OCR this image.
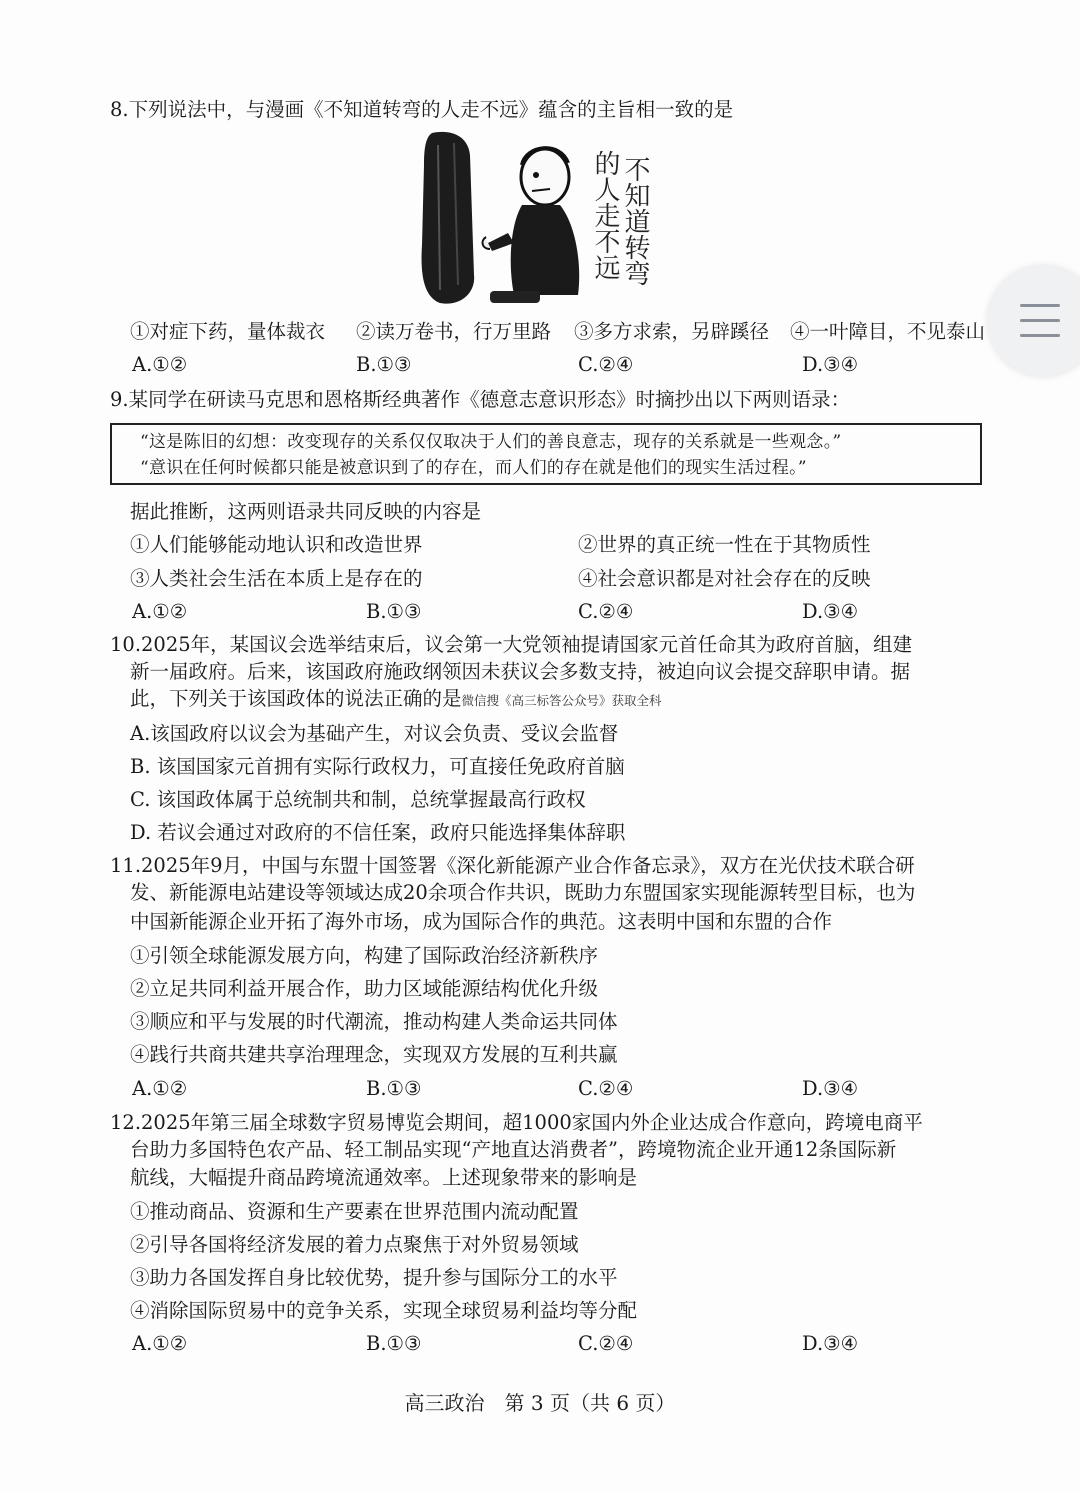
8.下列说法中，与漫画《不知道转弯的人走不远》蕴含的主旨相一致的是
不知道转弯
的人走不远
①对症下药，量体裁衣 ②读万卷书，行万里路 ③多方求索，另辟蹊径 ④一叶障目，不见泰山
A.①②	B.①③	C.②④	D.③④
9.某同学在研读马克思和恩格斯经典著作《德意志意识形态》时摘抄出以下两则语录：
“这是陈旧的幻想：改变现存的关系仅仅取决于人们的善良意志，现存的关系就是一些观念。”
“意识在任何时候都只能是被意识到了的存在，而人们的存在就是他们的现实生活过程。”
据此推断，这两则语录共同反映的内容是
①人们能够能动地认识和改造世界	②世界的真正统一性在于其物质性
③人类社会生活在本质上是存在的	④社会意识都是对社会存在的反映
A.①②	B.①③	C.②④	D.③④
10.2025年，某国议会选举结束后，议会第一大党领袖提请国家元首任命其为政府首脑，组建
新一届政府。后来，该国政府施政纲领因未获议会多数支持，被迫向议会提交辞职申请。据
此，下列关于该国政体的说法正确的是微信搜《高三标答公众号》获取全科
A.该国政府以议会为基础产生，对议会负责、受议会监督
B. 该国国家元首拥有实际行政权力，可直接任免政府首脑
C. 该国政体属于总统制共和制，总统掌握最高行政权
D. 若议会通过对政府的不信任案，政府只能选择集体辞职
11.2025年9月，中国与东盟十国签署《深化新能源产业合作备忘录》，双方在光伏技术联合研
发、新能源电站建设等领域达成20余项合作共识，既助力东盟国家实现能源转型目标，也为
中国新能源企业开拓了海外市场，成为国际合作的典范。这表明中国和东盟的合作
①引领全球能源发展方向，构建了国际政治经济新秩序
②立足共同利益开展合作，助力区域能源结构优化升级
③顺应和平与发展的时代潮流，推动构建人类命运共同体
④践行共商共建共享治理理念，实现双方发展的互利共赢
A.①②	B.①③	C.②④	D.③④
12.2025年第三届全球数字贸易博览会期间，超1000家国内外企业达成合作意向，跨境电商平
台助力多国特色农产品、轻工制品实现“产地直达消费者”，跨境物流企业开通12条国际新
航线，大幅提升商品跨境流通效率。上述现象带来的影响是
①推动商品、资源和生产要素在世界范围内流动配置
②引导各国将经济发展的着力点聚焦于对外贸易领域
③助力各国发挥自身比较优势，提升参与国际分工的水平
④消除国际贸易中的竞争关系，实现全球贸易利益均等分配
A.①②	B.①③	C.②④	D.③④
高三政治　第 3 页（共 6 页）
